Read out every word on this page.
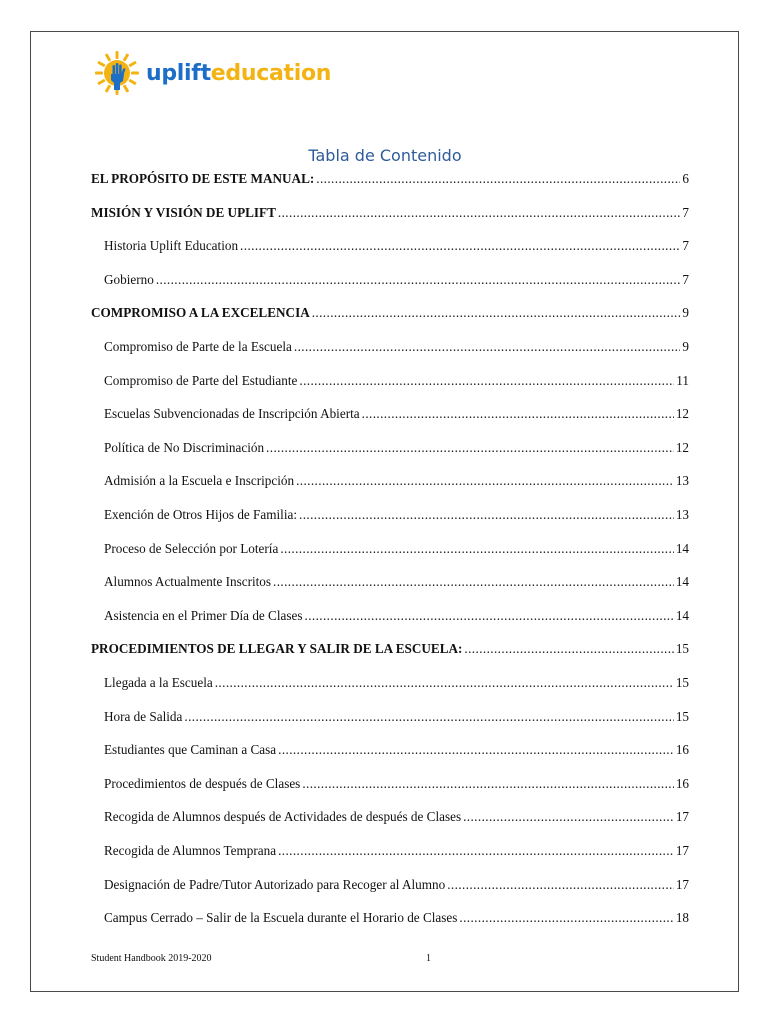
uplifteducation
Tabla de Contenido
EL PROPÓSITO DE ESTE MANUAL: .....	6
MISIÓN Y VISIÓN DE UPLIFT .....	7
Historia Uplift Education .....	7
Gobierno .....	7
COMPROMISO A LA EXCELENCIA .....	9
Compromiso de Parte de la Escuela .....	9
Compromiso de Parte del Estudiante .....	11
Escuelas Subvencionadas de Inscripción Abierta .....	12
Política de No Discriminación .....	12
Admisión a la Escuela e Inscripción .....	13
Exención de Otros Hijos de Familia: .....	13
Proceso de Selección por Lotería .....	14
Alumnos Actualmente Inscritos .....	14
Asistencia en el Primer Día de Clases .....	14
PROCEDIMIENTOS DE LLEGAR Y SALIR DE LA ESCUELA: .....	15
Llegada a la Escuela .....	15
Hora de Salida .....	15
Estudiantes que Caminan a Casa .....	16
Procedimientos de después de Clases .....	16
Recogida de Alumnos después de Actividades de después de Clases .....	17
Recogida de Alumnos Temprana .....	17
Designación de Padre/Tutor Autorizado para Recoger al Alumno .....	17
Campus Cerrado – Salir de la Escuela durante el Horario de Clases .....	18
Student Handbook 2019-2020	1
